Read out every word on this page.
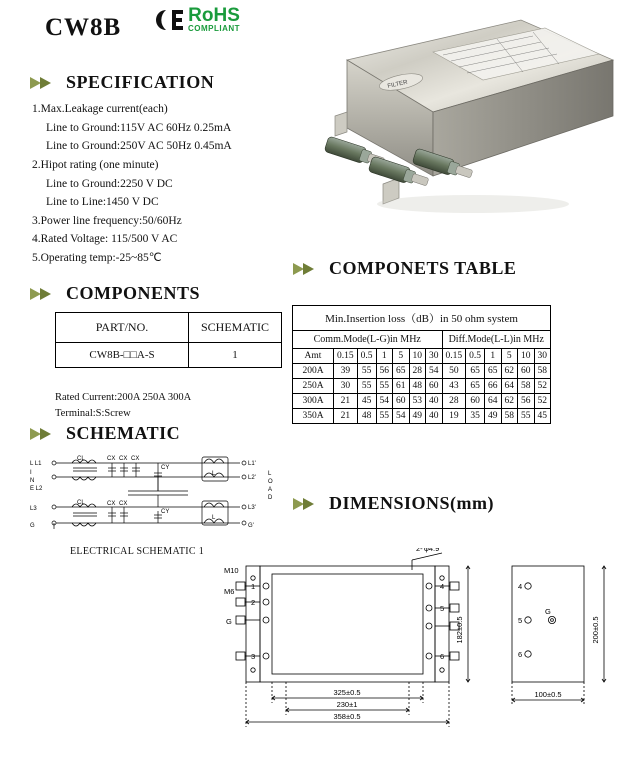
CW8B	RoHS
COMPLIANT
SPECIFICATION
1.Max.Leakage current(each)
Line to Ground:115V AC 60Hz 0.25mA
Line to Ground:250V AC 50Hz 0.45mA
2.Hipot rating (one minute)
Line to Ground:2250 V DC
Line to Line:1450 V DC
3.Power line frequency:50/60Hz
4.Rated Voltage: 115/500 V AC
5.Operating temp:-25~85℃
COMPONENTS
PART/NO.	SCHEMATIC
CW8B-□□A-S	1
Rated Current:200A 250A 300A
Terminal:S:Screw
SCHEMATIC
L L1
I
N
E L2
L3
G
CL
CL
CX CX CX
CX CX
CY
CY
L
L
L1'
L2'
L3'
G'
L
O
A
D
ELECTRICAL SCHEMATIC 1
FILTER
COMPONETS TABLE
Min.Insertion loss（dB）in 50 ohm system												
Comm.Mode(L-G)in MHz							Diff.Mode(L-L)in MHz					
Amt	0.15	0.5	1	5	10	30	0.15	0.5	1	5	10	30
200A	39	55	56	65	28	54	50	65	65	62	60	58
250A	30	55	55	61	48	60	43	65	66	64	58	52
300A	21	45	54	60	53	40	28	60	64	62	56	52
350A	21	48	55	54	49	40	19	35	49	58	55	45
DIMENSIONS(mm)
2- φ4.9
M10
M6
G
1
2
3
4
5
6
182±0.5
325±0.5
230±1
358±0.5
4
5
6
G
200±0.5
100±0.5
